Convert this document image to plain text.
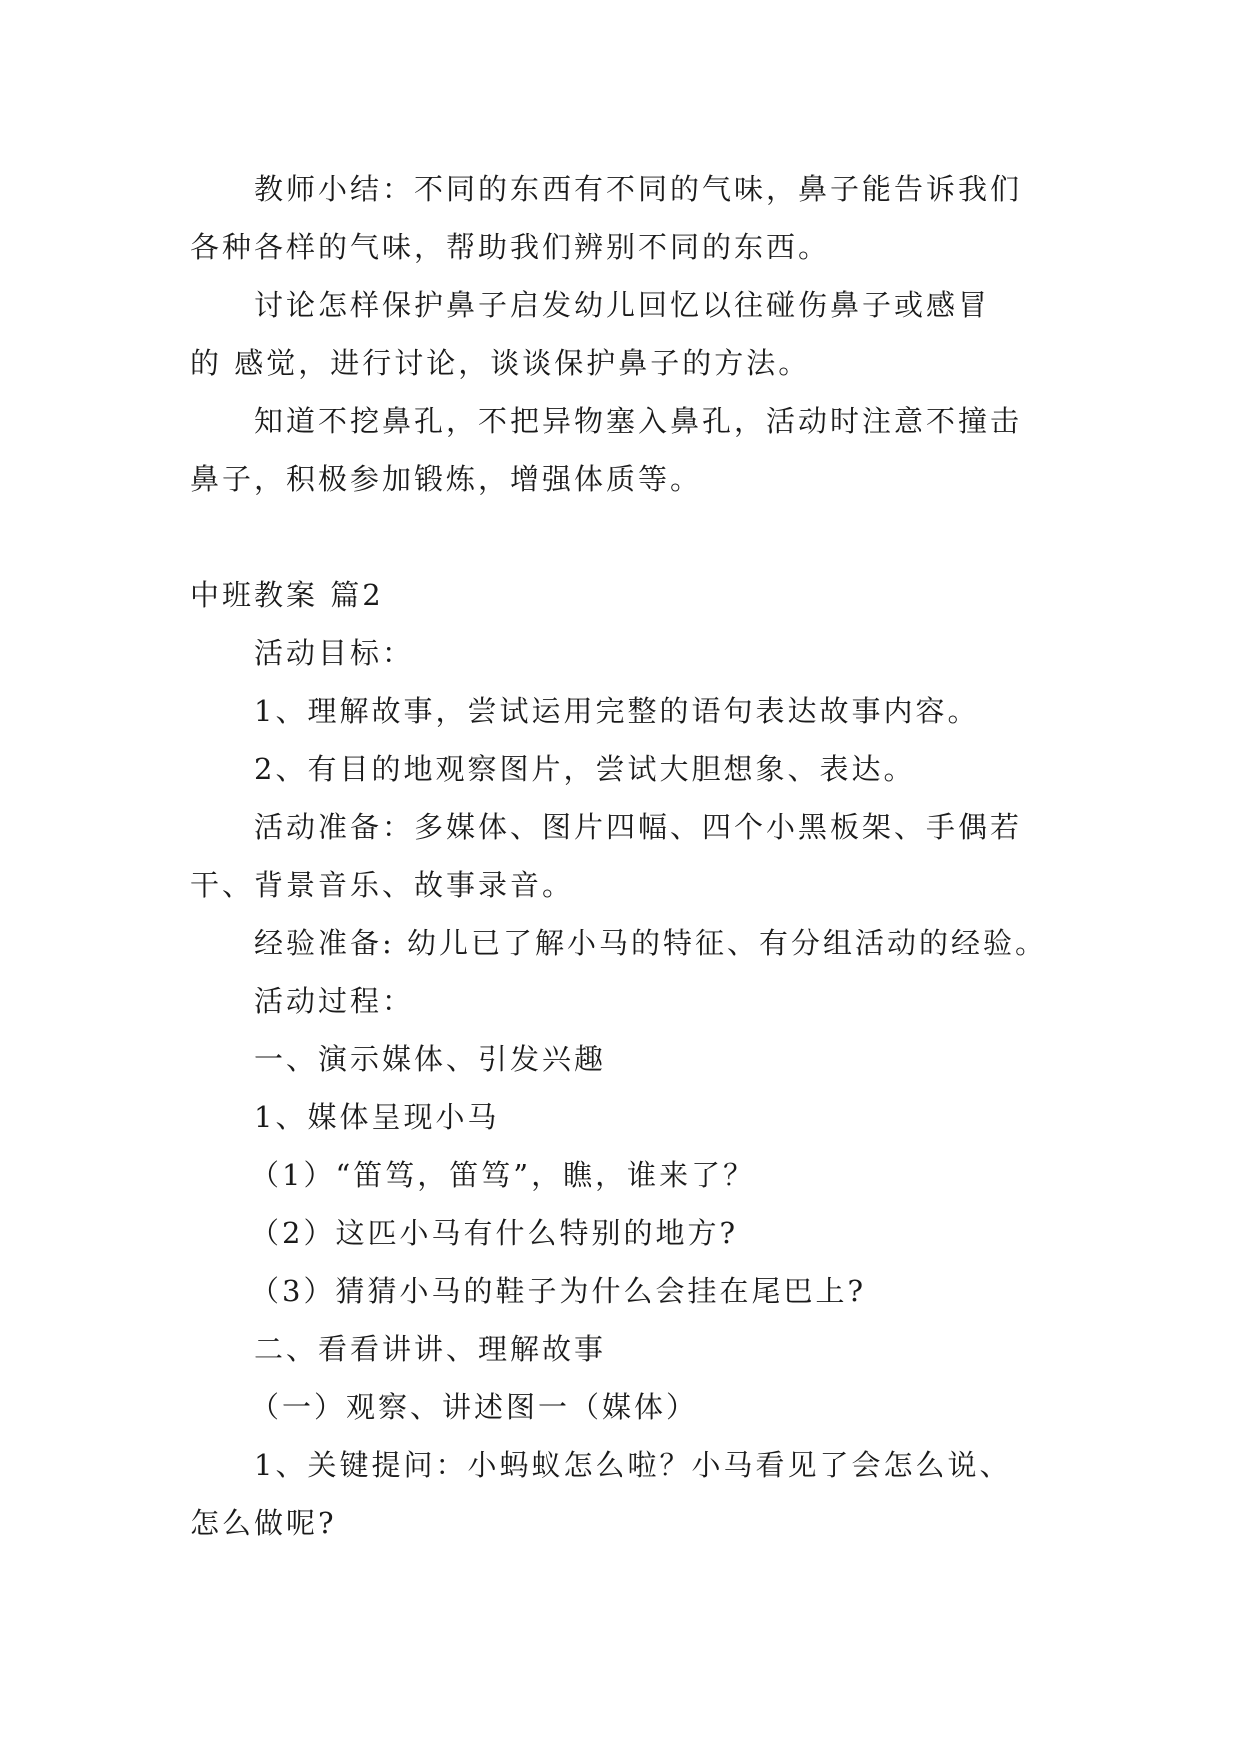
教师小结：不同的东西有不同的气味，鼻子能告诉我们

各种各样的气味，帮助我们辨别不同的东西。

讨论怎样保护鼻子启发幼儿回忆以往碰伤鼻子或感冒

的 感觉，进行讨论，谈谈保护鼻子的方法。

知道不挖鼻孔，不把异物塞入鼻孔，活动时注意不撞击

鼻子，积极参加锻炼，增强体质等。

中班教案 篇2

活动目标：

1、理解故事，尝试运用完整的语句表达故事内容。

2、有目的地观察图片，尝试大胆想象、表达。

活动准备：多媒体、图片四幅、四个小黑板架、手偶若

干、背景音乐、故事录音。

经验准备: 幼儿已了解小马的特征、有分组活动的经验。

活动过程：

一、演示媒体、引发兴趣

1、媒体呈现小马

（1）“笛笃，笛笃”，瞧，谁来了？

（2）这匹小马有什么特别的地方?

（3）猜猜小马的鞋子为什么会挂在尾巴上?

二、看看讲讲、理解故事

（一）观察、讲述图一（媒体）

1、关键提问：小蚂蚁怎么啦？小马看见了会怎么说、

怎么做呢?
